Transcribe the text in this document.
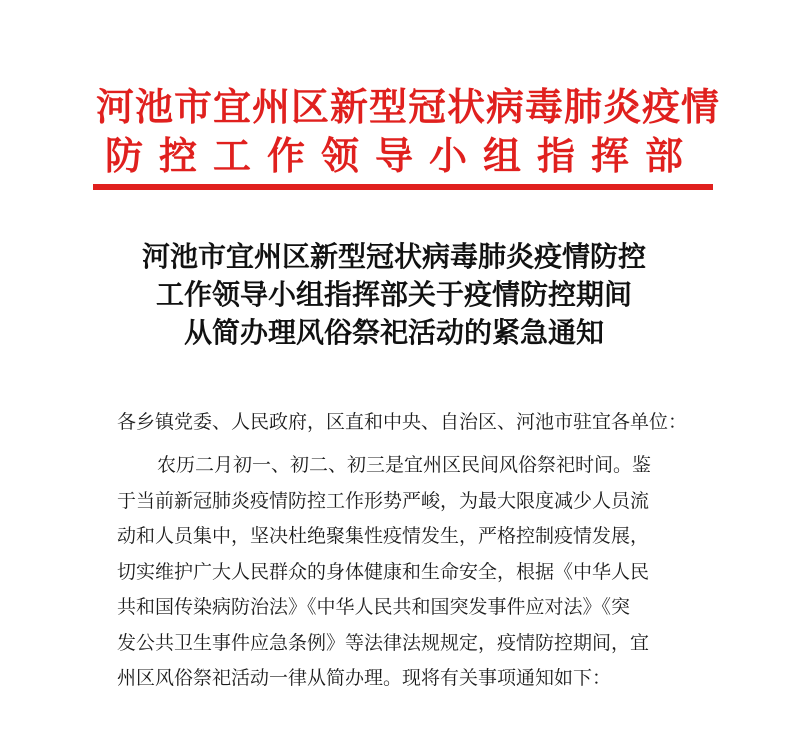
河池市宜州区新型冠状病毒肺炎疫情
防控工作领导小组指挥部
河池市宜州区新型冠状病毒肺炎疫情防控
工作领导小组指挥部关于疫情防控期间
从简办理风俗祭祀活动的紧急通知
各乡镇党委、人民政府，区直和中央、自治区、河池市驻宜各单位：
农历二月初一、初二、初三是宜州区民间风俗祭祀时间。鉴
于当前新冠肺炎疫情防控工作形势严峻，为最大限度减少人员流
动和人员集中，坚决杜绝聚集性疫情发生，严格控制疫情发展，
切实维护广大人民群众的身体健康和生命安全，根据《中华人民
共和国传染病防治法》《中华人民共和国突发事件应对法》《突
发公共卫生事件应急条例》等法律法规规定，疫情防控期间，宜
州区风俗祭祀活动一律从简办理。现将有关事项通知如下：
